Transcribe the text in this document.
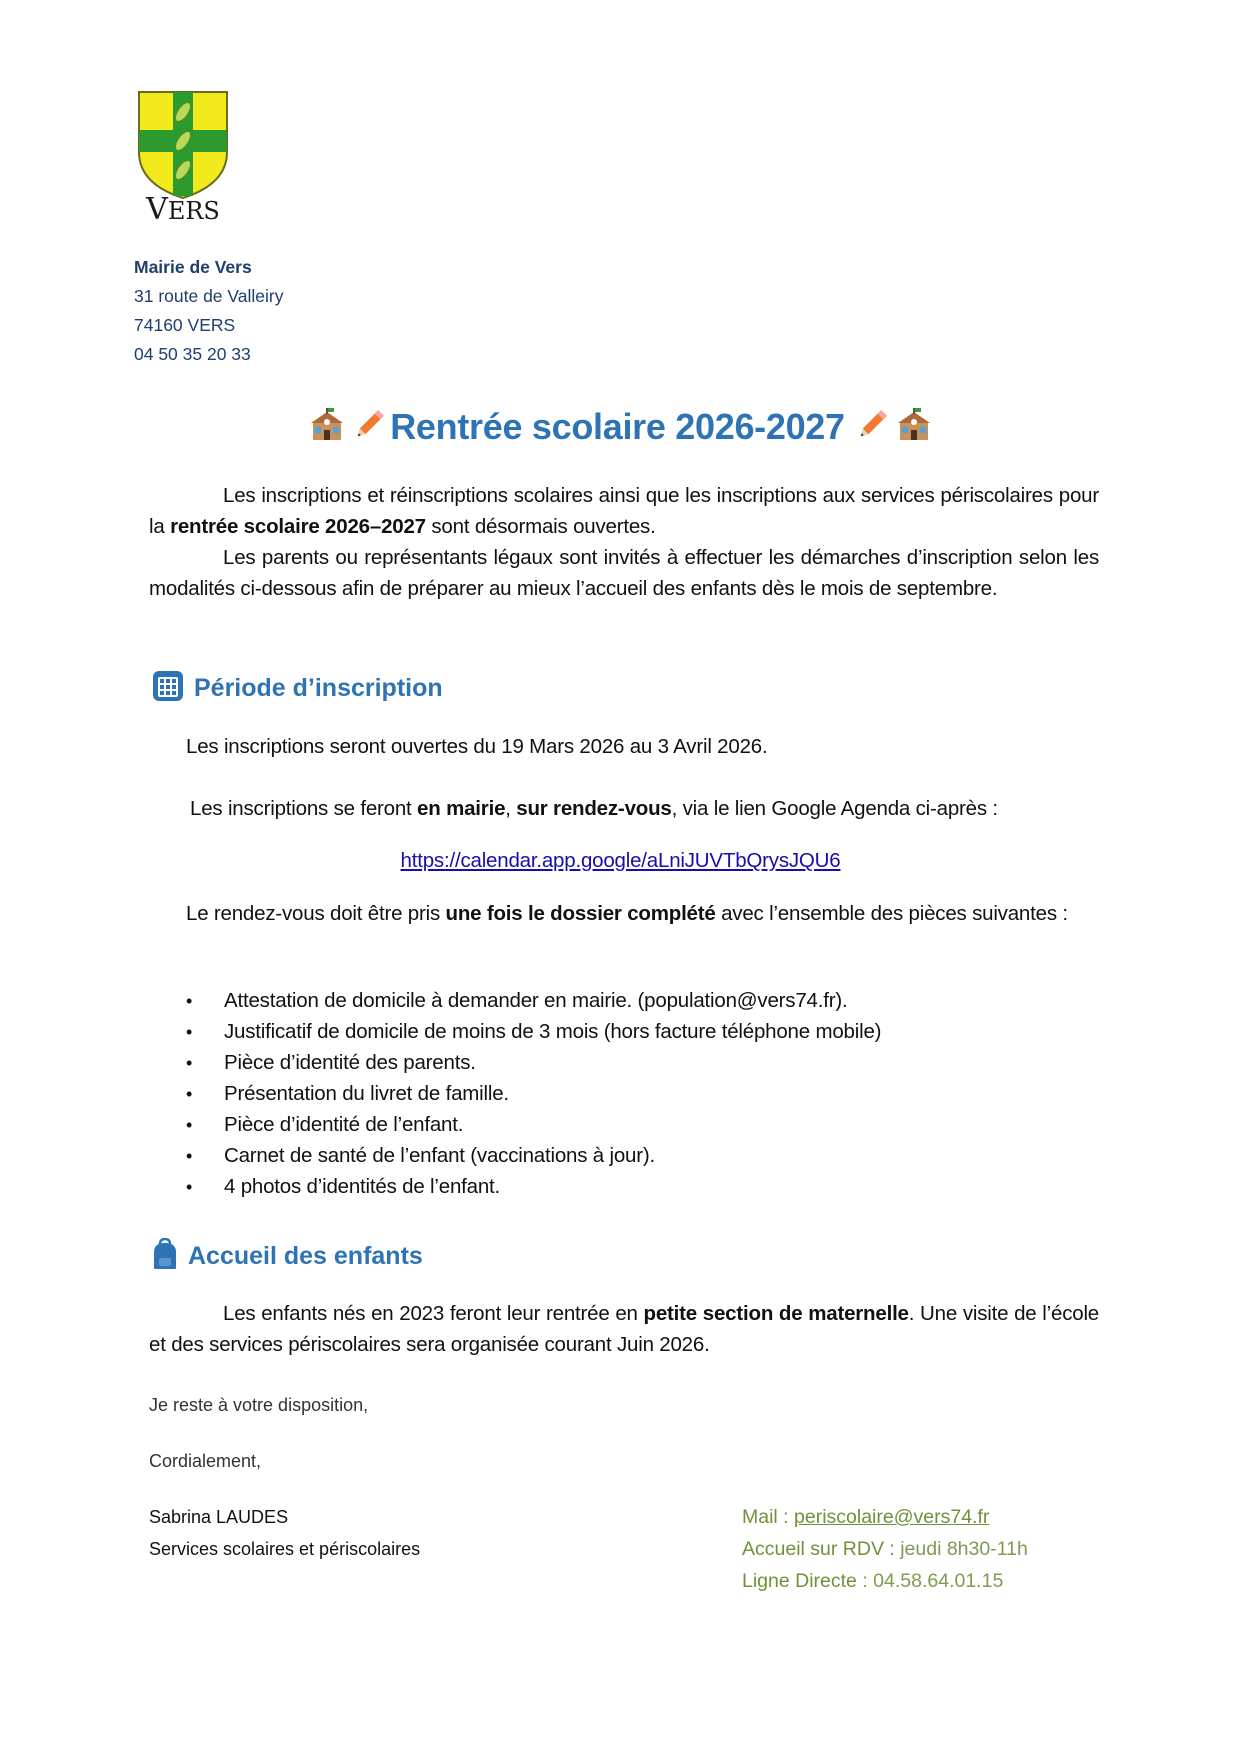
VERS
Mairie de Vers
31 route de Valleiry
74160 VERS
04 50 35 20 33
Rentrée scolaire 2026-2027
Les inscriptions et réinscriptions scolaires ainsi que les inscriptions aux services périscolaires pour la rentrée scolaire 2026–2027 sont désormais ouvertes.
Les parents ou représentants légaux sont invités à effectuer les démarches d’inscription selon les modalités ci-dessous afin de préparer au mieux l’accueil des enfants dès le mois de septembre.
Période d’inscription
Les inscriptions seront ouvertes du 19 Mars 2026 au 3 Avril 2026.
Les inscriptions se feront en mairie, sur rendez-vous, via le lien Google Agenda ci-après :
https://calendar.app.google/aLniJUVTbQrysJQU6
Le rendez-vous doit être pris une fois le dossier complété avec l’ensemble des pièces suivantes :
• Attestation de domicile à demander en mairie. (population@vers74.fr).
• Justificatif de domicile de moins de 3 mois (hors facture téléphone mobile)
• Pièce d’identité des parents.
• Présentation du livret de famille.
• Pièce d’identité de l’enfant.
• Carnet de santé de l’enfant (vaccinations à jour).
• 4 photos d’identités de l’enfant.
Accueil des enfants
Les enfants nés en 2023 feront leur rentrée en petite section de maternelle. Une visite de l’école et des services périscolaires sera organisée courant Juin 2026.
Je reste à votre disposition,
Cordialement,
Sabrina LAUDES
Services scolaires et périscolaires
Mail : periscolaire@vers74.fr
Accueil sur RDV : jeudi 8h30-11h
Ligne Directe : 04.58.64.01.15
